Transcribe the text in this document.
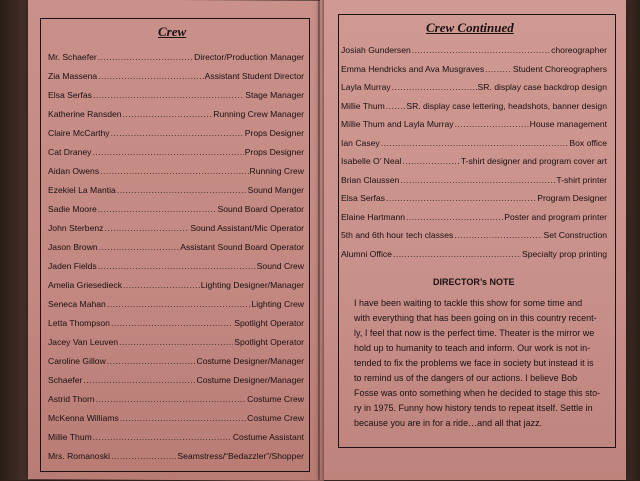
Crew	Crew Continued
Mr. Schaefer .....	Director/Production Manager
Zia Massena .....	Assistant Student Director
Elsa Serfas .....	Stage Manager
Katherine Ransden .....	Running Crew Manager
Claire McCarthy .....	Props Designer
Cat Draney .....	Props Designer
Aidan Owens .....	Running Crew
Ezekiel La Mantia .....	Sound Manger
Sadie Moore .....	Sound Board Operator
John Sterbenz .....	Sound Assistant/Mic Operator
Jason Brown .....	Assistant Sound Board Operator
Jaden Fields .....	Sound Crew
Amelia Griesedieck .....	Lighting Designer/Manager
Seneca Mahan .....	Lighting Crew
Letta Thompson .....	Spotlight Operator
Jacey Van Leuven .....	Spotlight Operator
Caroline Gillow .....	Costume Designer/Manager
Schaefer .....	Costume Designer/Manager
Astrid Thorn .....	Costume Crew
McKenna Williams .....	Costume Crew
Millie Thum .....	Costume Assistant
Mrs. Romanoski .....	Seamstress/“Bedazzler”/Shopper
Josiah Gundersen .....	choreographer
Emma Hendricks and Ava Musgraves .....	Student Choreographers
Layla Murray .....	SR. display case backdrop design
Millie Thum .....	SR. display case lettering, headshots, banner design
Millie Thum and Layla Murray .....	House management
Ian Casey .....	Box office
Isabelle O’ Neal .....	T-shirt designer and program cover art
Brian Claussen .....	T-shirt printer
Elsa Serfas .....	Program Designer
Elaine Hartmann .....	Poster and program printer
5th and 6th hour tech classes .....	Set Construction
Alumni Office .....	Specialty prop printing
DIRECTOR’s NOTE
I have been waiting to tackle this show for some time and
with everything that has been going on in this country recent-
ly, I feel that now is the perfect time. Theater is the mirror we
hold up to humanity to teach and inform. Our work is not in-
tended to fix the problems we face in society but instead it is
to remind us of the dangers of our actions. I believe Bob
Fosse was onto something when he decided to stage this sto-
ry in 1975. Funny how history tends to repeat itself. Settle in
because you are in for a ride…and all that jazz.
